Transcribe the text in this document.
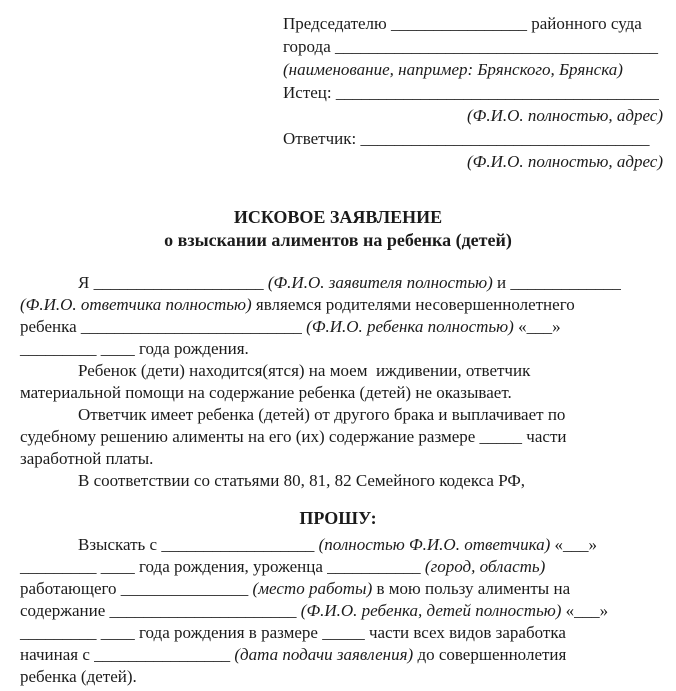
Председателю ________________ районного суда
города ______________________________________
(наименование, например: Брянского, Брянска)
Истец: ______________________________________
(Ф.И.О. полностью, адрес)
Ответчик: __________________________________
(Ф.И.О. полностью, адрес)
ИСКОВОЕ ЗАЯВЛЕНИЕ
о взыскании алиментов на ребенка (детей)
Я ____________________ (Ф.И.О. заявителя полностью) и _____________
(Ф.И.О. ответчика полностью) являемся родителями несовершеннолетнего
ребенка __________________________ (Ф.И.О. ребенка полностью) «___»
_________ ____ года рождения.
Ребенок (дети) находится(ятся) на моем  иждивении, ответчик
материальной помощи на содержание ребенка (детей) не оказывает.
Ответчик имеет ребенка (детей) от другого брака и выплачивает по
судебному решению алименты на его (их) содержание размере _____ части
заработной платы.
В соответствии со статьями 80, 81, 82 Семейного кодекса РФ,
ПРОШУ:
Взыскать с __________________ (полностью Ф.И.О. ответчика) «___»
_________ ____ года рождения, уроженца ___________ (город, область)
работающего _______________ (место работы) в мою пользу алименты на
содержание ______________________ (Ф.И.О. ребенка, детей полностью) «___»
_________ ____ года рождения в размере _____ части всех видов заработка
начиная с ________________ (дата подачи заявления) до совершеннолетия
ребенка (детей).
